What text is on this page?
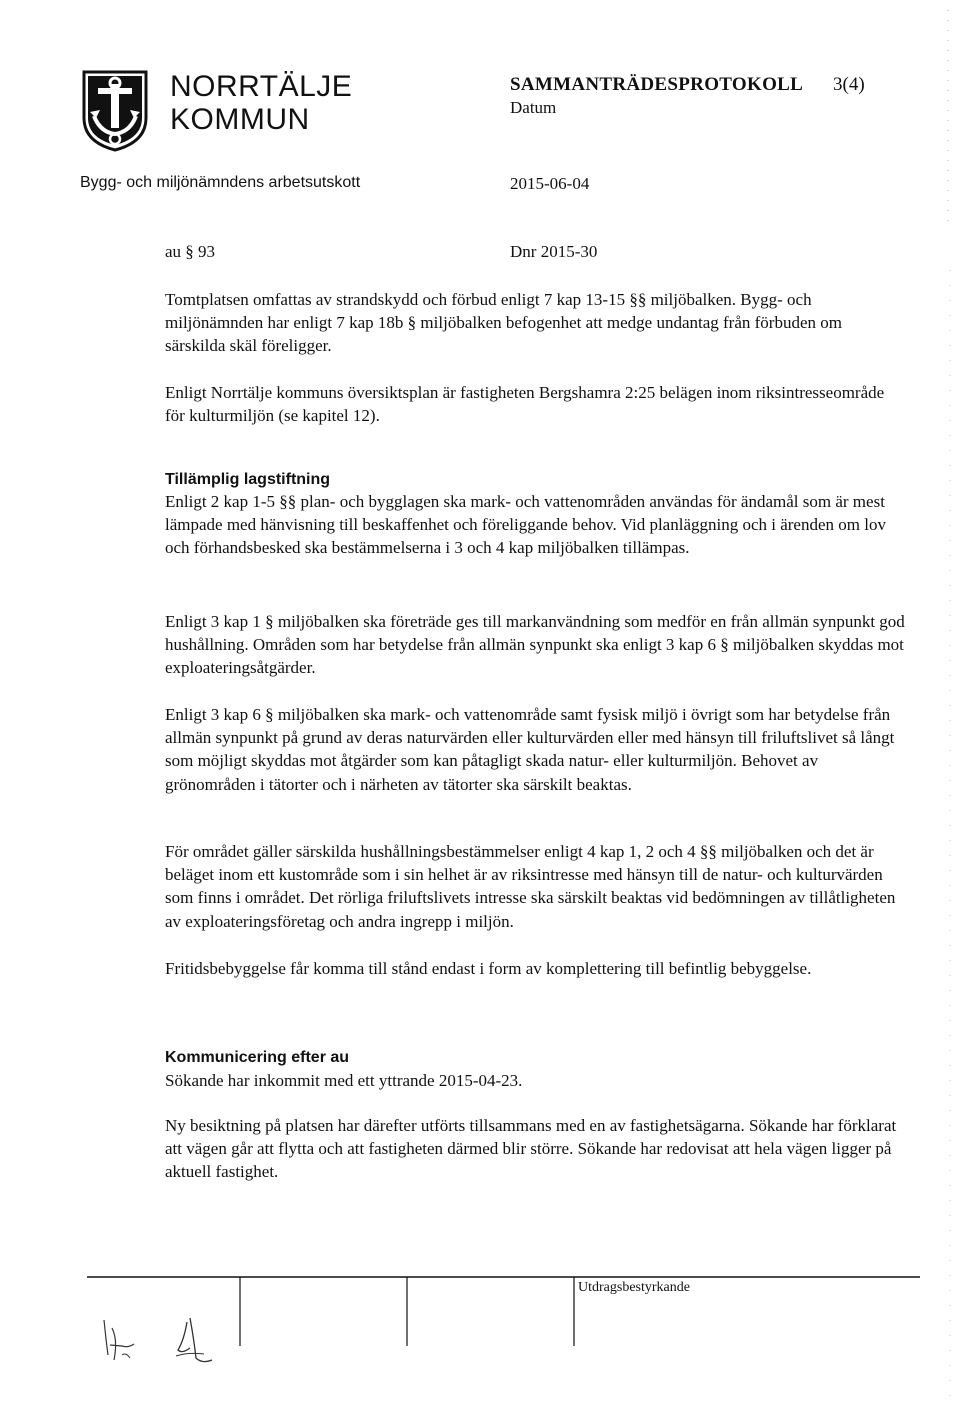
NORRTÄLJE
KOMMUN
SAMMANTRÄDESPROTOKOLL 3(4)
Datum
Bygg- och miljönämndens arbetsutskott	2015-06-04
au § 93	Dnr 2015-30

Tomtplatsen omfattas av strandskydd och förbud enligt 7 kap 13-15 §§ miljöbalken. Bygg- och miljönämnden har enligt 7 kap 18b § miljöbalken befogenhet att medge undantag från förbuden om särskilda skäl föreligger.

Enligt Norrtälje kommuns översiktsplan är fastigheten Bergshamra 2:25 belägen inom riksintresseområde för kulturmiljön (se kapitel 12).

Tillämplig lagstiftning

Enligt 2 kap 1-5 §§ plan- och bygglagen ska mark- och vattenområden användas för ändamål som är mest lämpade med hänvisning till beskaffenhet och föreliggande behov. Vid planläggning och i ärenden om lov och förhandsbesked ska bestämmelserna i 3 och 4 kap miljöbalken tillämpas.

Enligt 3 kap 1 § miljöbalken ska företräde ges till markanvändning som medför en från allmän synpunkt god hushållning. Områden som har betydelse från allmän synpunkt ska enligt 3 kap 6 § miljöbalken skyddas mot exploateringsåtgärder.

Enligt 3 kap 6 § miljöbalken ska mark- och vattenområde samt fysisk miljö i övrigt som har betydelse från allmän synpunkt på grund av deras naturvärden eller kulturvärden eller med hänsyn till friluftslivet så långt som möjligt skyddas mot åtgärder som kan påtagligt skada natur- eller kulturmiljön. Behovet av grönområden i tätorter och i närheten av tätorter ska särskilt beaktas.

För området gäller särskilda hushållningsbestämmelser enligt 4 kap 1, 2 och 4 §§ miljöbalken och det är beläget inom ett kustområde som i sin helhet är av riksintresse med hänsyn till de natur- och kulturvärden som finns i området. Det rörliga friluftslivets intresse ska särskilt beaktas vid bedömningen av tillåtligheten av exploateringsföretag och andra ingrepp i miljön.

Fritidsbebyggelse får komma till stånd endast i form av komplettering till befintlig bebyggelse.

Kommunicering efter au

Sökande har inkommit med ett yttrande 2015-04-23.

Ny besiktning på platsen har därefter utförts tillsammans med en av fastighetsägarna. Sökande har förklarat att vägen går att flytta och att fastigheten därmed blir större. Sökande har redovisat att hela vägen ligger på aktuell fastighet.

Utdragsbestyrkande
